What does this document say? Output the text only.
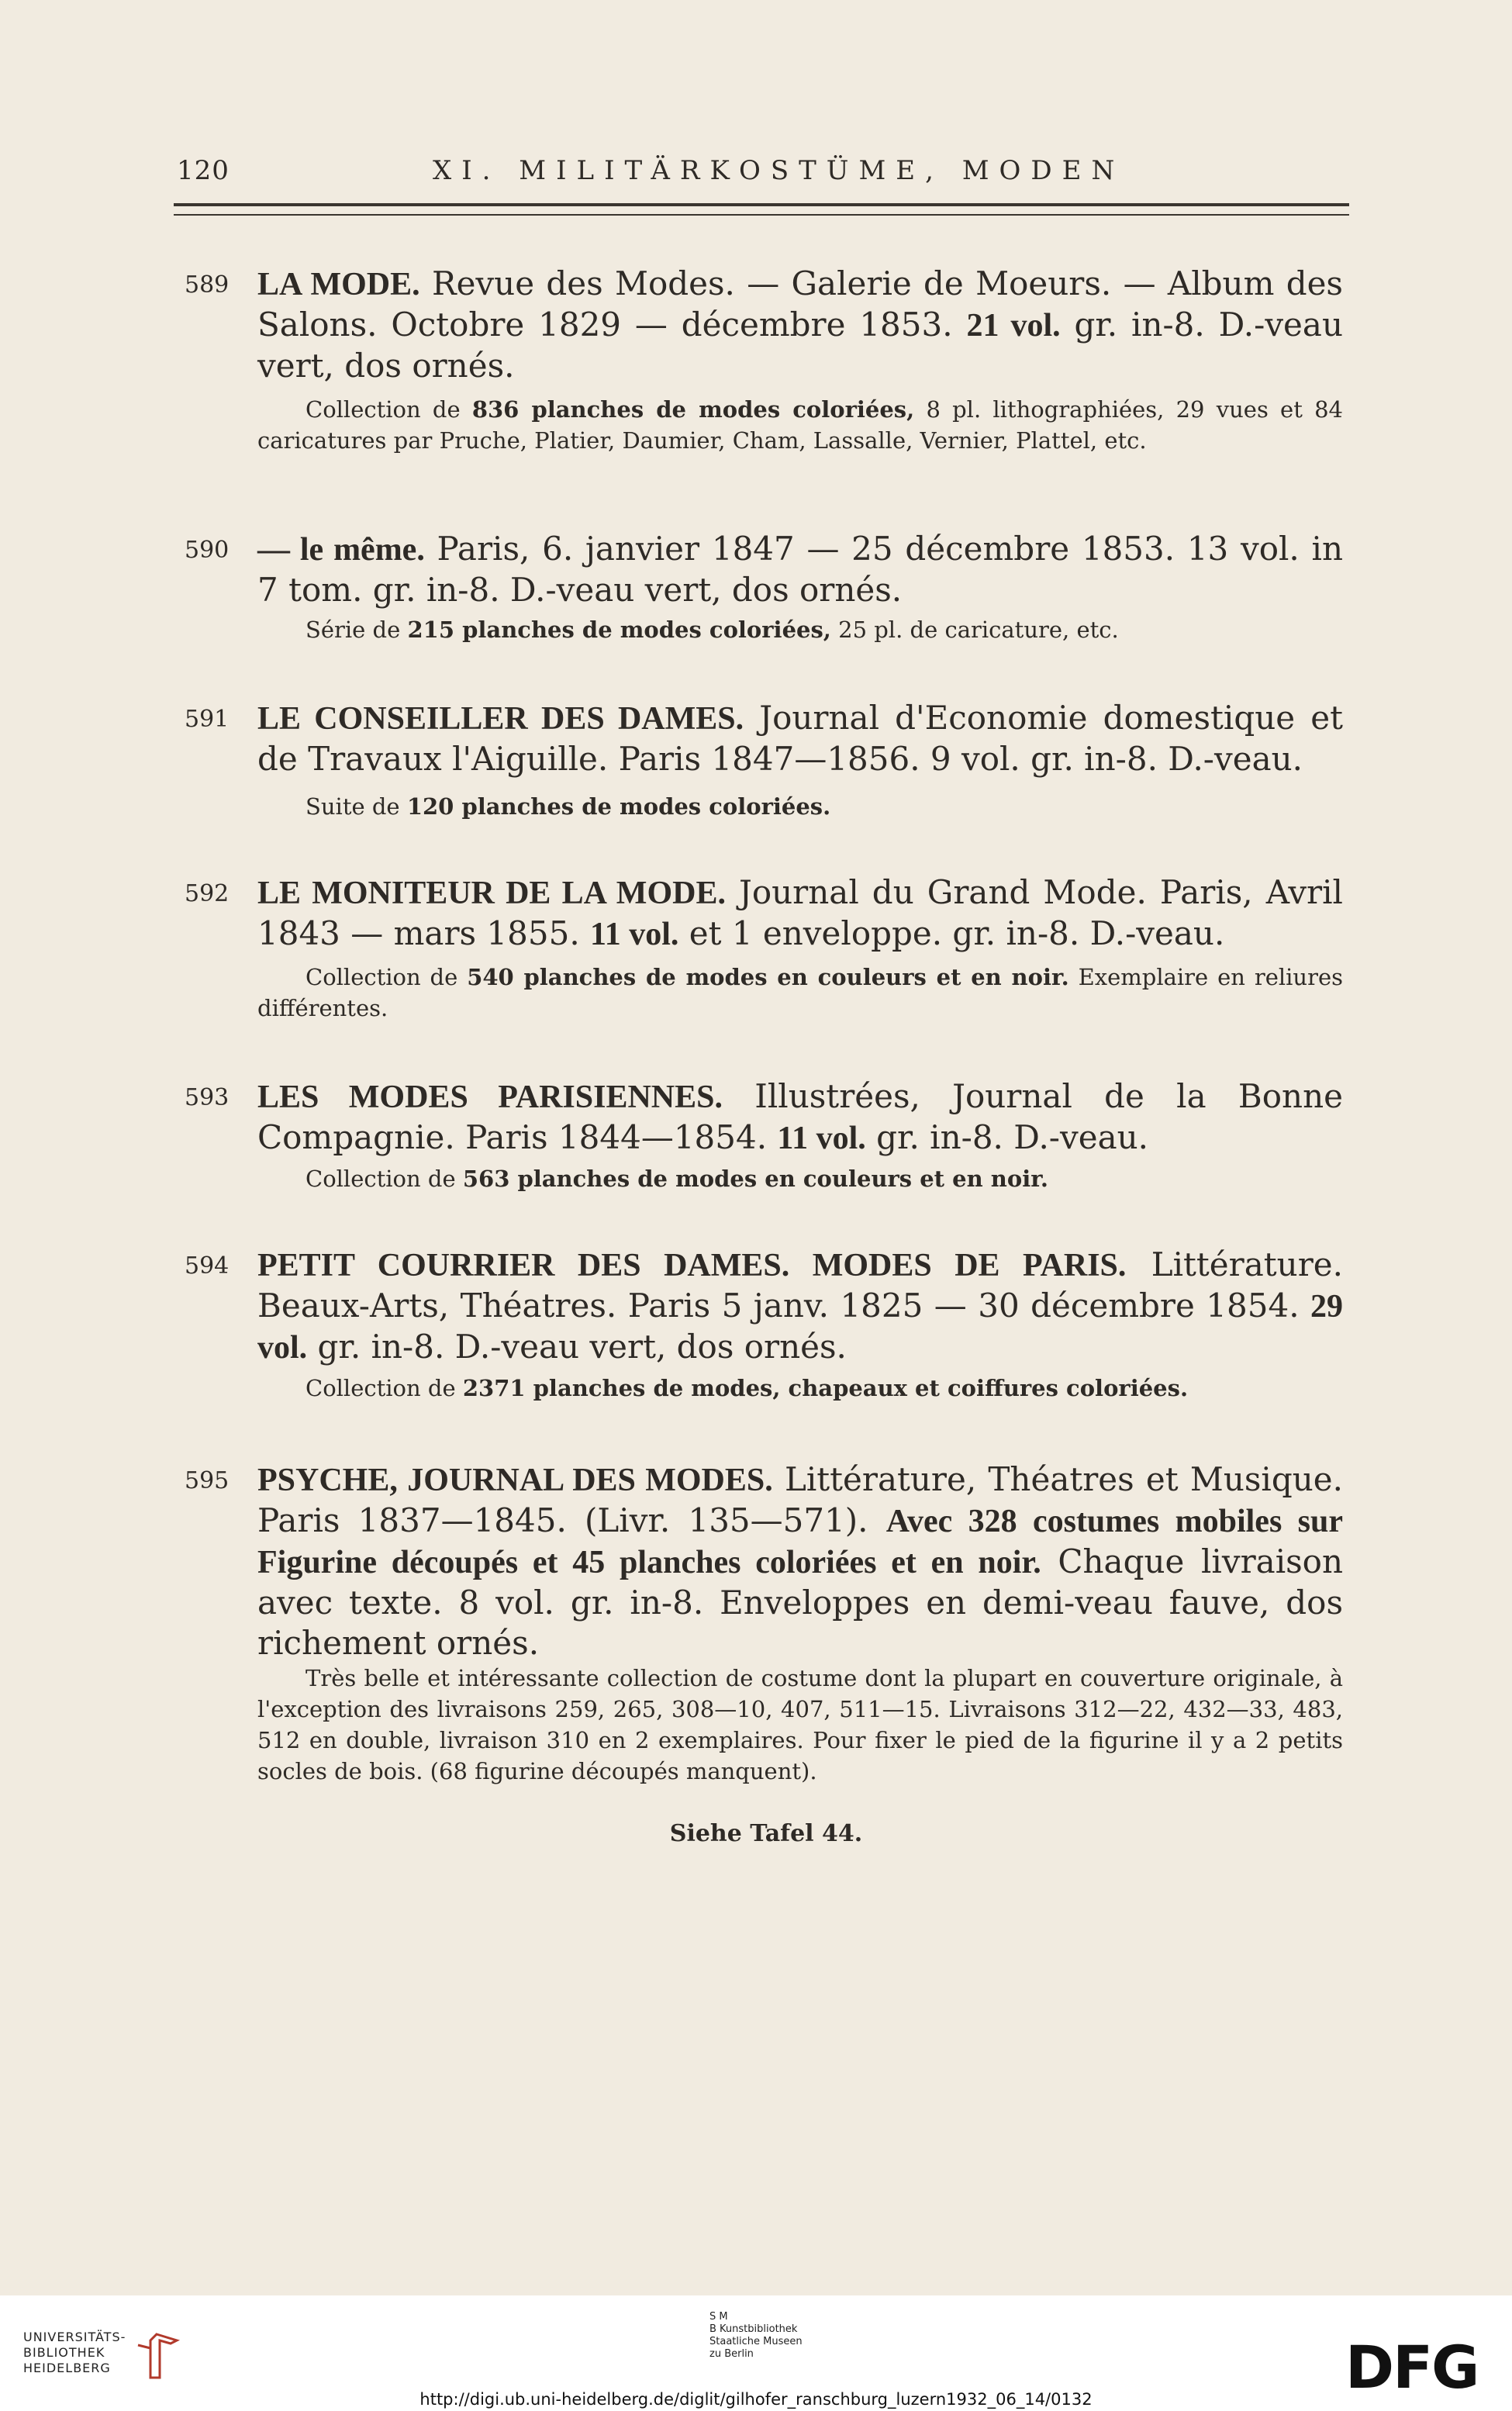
120	XI. MILITÄRKOSTÜME, MODEN
589 LA MODE. Revue des Modes. — Galerie de Moeurs. — Album des Salons. Octobre 1829 — décembre 1853. 21 vol. gr. in-8. D.-veau vert, dos ornés.
Collection de 836 planches de modes coloriées, 8 pl. lithographiées, 29 vues et 84 caricatures par Pruche, Platier, Daumier, Cham, Lassalle, Vernier, Plattel, etc.
590 — le même. Paris, 6. janvier 1847 — 25 décembre 1853. 13 vol. in 7 tom. gr. in-8. D.-veau vert, dos ornés.
Série de 215 planches de modes coloriées, 25 pl. de caricature, etc.
591 LE CONSEILLER DES DAMES. Journal d'Economie domestique et de Travaux l'Aiguille. Paris 1847—1856. 9 vol. gr. in-8. D.-veau.
Suite de 120 planches de modes coloriées.
592 LE MONITEUR DE LA MODE. Journal du Grand Mode. Paris, Avril 1843 — mars 1855. 11 vol. et 1 enveloppe. gr. in-8. D.-veau.
Collection de 540 planches de modes en couleurs et en noir. Exemplaire en reliures différentes.
593 LES MODES PARISIENNES. Illustrées, Journal de la Bonne Compagnie. Paris 1844—1854. 11 vol. gr. in-8. D.-veau.
Collection de 563 planches de modes en couleurs et en noir.
594 PETIT COURRIER DES DAMES. MODES DE PARIS. Littérature. Beaux-Arts, Théatres. Paris 5 janv. 1825 — 30 décembre 1854. 29 vol. gr. in-8. D.-veau vert, dos ornés.
Collection de 2371 planches de modes, chapeaux et coiffures coloriées.
595 PSYCHE, JOURNAL DES MODES. Littérature, Théatres et Musique. Paris 1837—1845. (Livr. 135—571). Avec 328 costumes mobiles sur Figurine découpés et 45 planches coloriées et en noir. Chaque livraison avec texte. 8 vol. gr. in-8. Enveloppes en demi-veau fauve, dos richement ornés.
Très belle et intéressante collection de costume dont la plupart en couverture originale, à l'exception des livraisons 259, 265, 308—10, 407, 511—15. Livraisons 312—22, 432—33, 483, 512 en double, livraison 310 en 2 exemplaires. Pour fixer le pied de la figurine il y a 2 petits socles de bois. (68 figurine découpés manquent).
Siehe Tafel 44.
UNIVERSITÄTS-
BIBLIOTHEK
HEIDELBERG
S M
B Kunstbibliothek
Staatliche Museen
zu Berlin	DFG
http://digi.ub.uni-heidelberg.de/diglit/gilhofer_ranschburg_luzern1932_06_14/0132
